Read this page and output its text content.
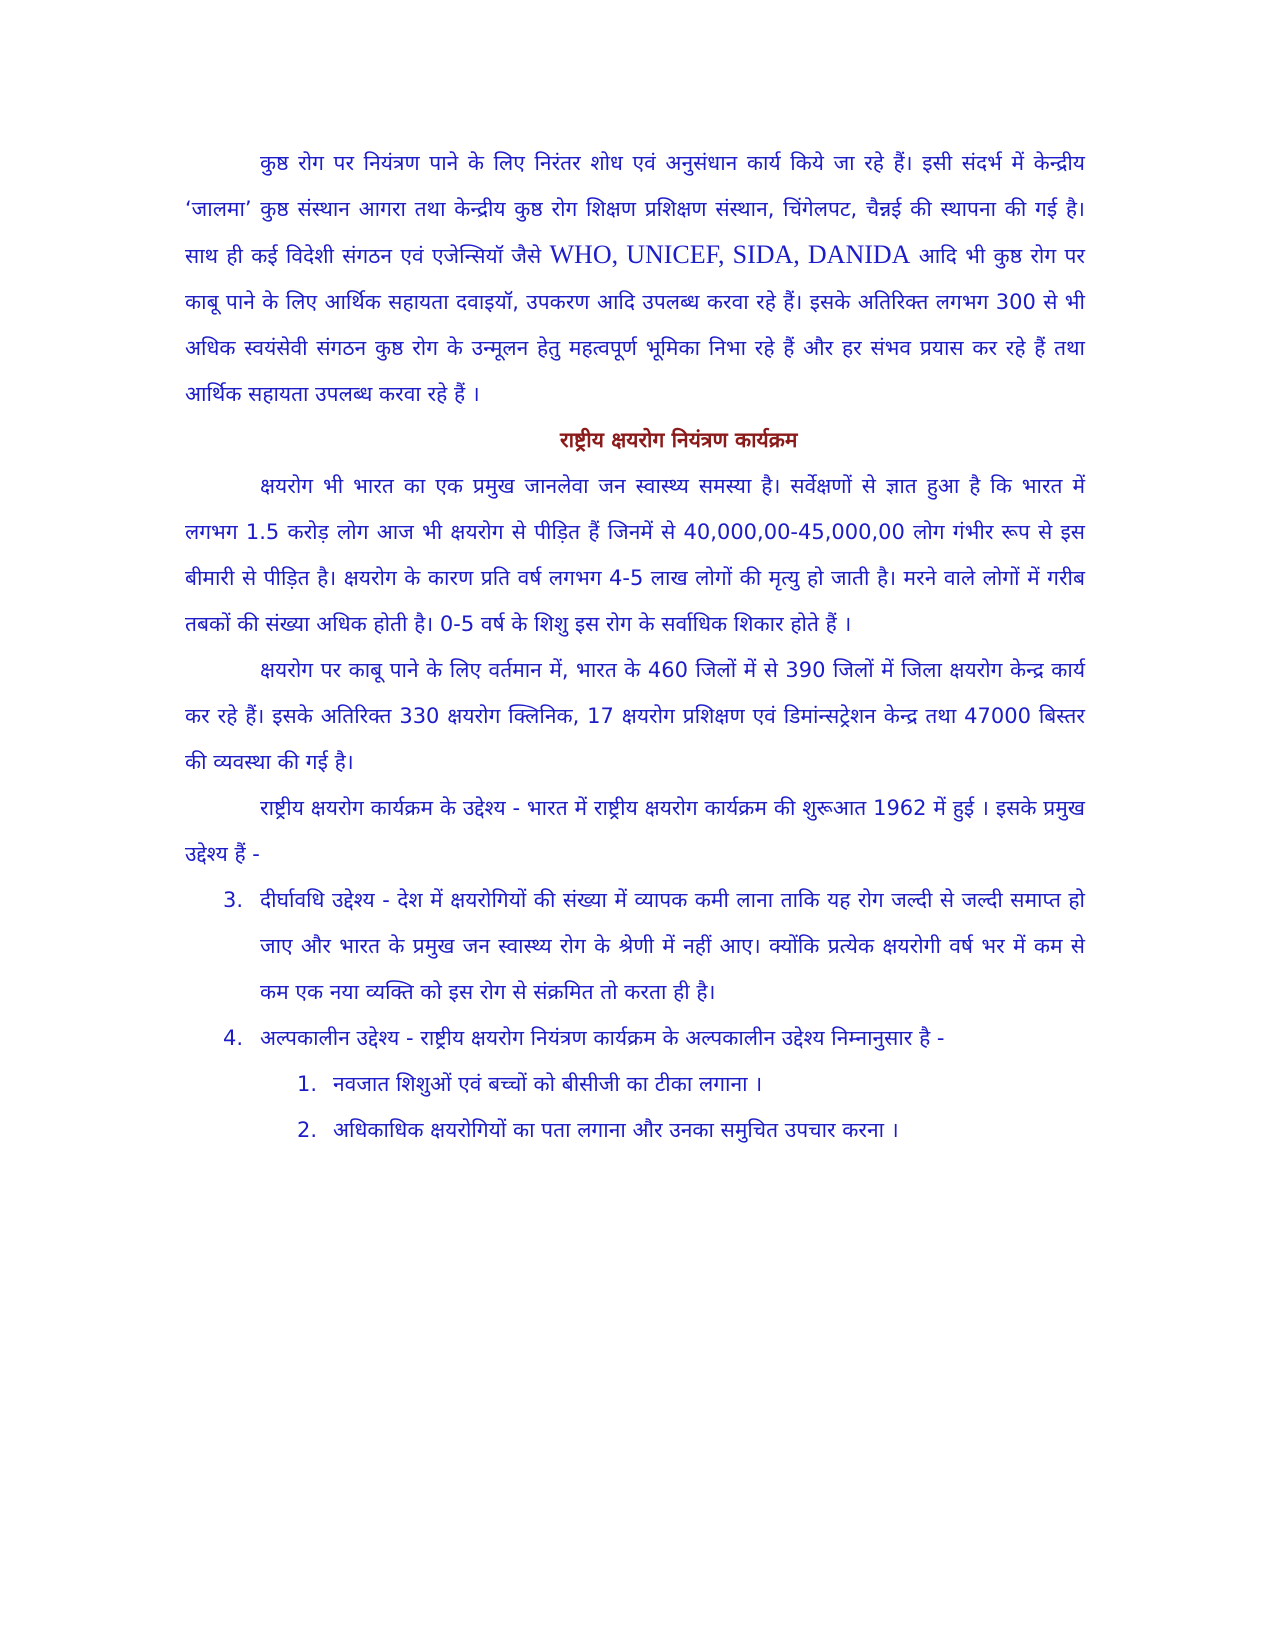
कुष्ठ रोग पर नियंत्रण पाने के लिए निरंतर शोध एवं अनुसंधान कार्य किये जा रहे हैं। इसी संदर्भ में केन्द्रीय ‘जालमा’ कुष्ठ संस्थान आगरा तथा केन्द्रीय कुष्ठ रोग शिक्षण प्रशिक्षण संस्थान, चिंगेलपट, चैन्नई की स्थापना की गई है। साथ ही कई विदेशी संगठन एवं एजेन्सियॉ जैसे WHO, UNICEF, SIDA, DANIDA आदि भी कुष्ठ रोग पर काबू पाने के लिए आर्थिक सहायता दवाइयॉ, उपकरण आदि उपलब्ध करवा रहे हैं। इसके अतिरिक्त लगभग 300 से भी अधिक स्वयंसेवी संगठन कुष्ठ रोग के उन्मूलन हेतु महत्वपूर्ण भूमिका निभा रहे हैं और हर संभव प्रयास कर रहे हैं तथा आर्थिक सहायता उपलब्ध करवा रहे हैं ।

राष्ट्रीय क्षयरोग नियंत्रण कार्यक्रम

क्षयरोग भी भारत का एक प्रमुख जानलेवा जन स्वास्थ्य समस्या है। सर्वेक्षणों से ज्ञात हुआ है कि भारत में लगभग 1.5 करोड़ लोग आज भी क्षयरोग से पीड़ित हैं जिनमें से 40,000,00-45,000,00 लोग गंभीर रूप से इस बीमारी से पीड़ित है। क्षयरोग के कारण प्रति वर्ष लगभग 4-5 लाख लोगों की मृत्यु हो जाती है। मरने वाले लोगों में गरीब तबकों की संख्या अधिक होती है। 0-5 वर्ष के शिशु इस रोग के सर्वाधिक शिकार होते हैं ।

क्षयरोग पर काबू पाने के लिए वर्तमान में, भारत के 460 जिलों में से 390 जिलों में जिला क्षयरोग केन्द्र कार्य कर रहे हैं। इसके अतिरिक्त 330 क्षयरोग क्लिनिक, 17 क्षयरोग प्रशिक्षण एवं डिमांन्सट्रेशन केन्द्र तथा 47000 बिस्तर की व्यवस्था की गई है।

राष्ट्रीय क्षयरोग कार्यक्रम के उद्देश्य - भारत में राष्ट्रीय क्षयरोग कार्यक्रम की शुरूआत 1962 में हुई । इसके प्रमुख उद्देश्य हैं -

3. दीर्घावधि उद्देश्य - देश में क्षयरोगियों की संख्या में व्यापक कमी लाना ताकि यह रोग जल्दी से जल्दी समाप्त हो जाए और भारत के प्रमुख जन स्वास्थ्य रोग के श्रेणी में नहीं आए। क्योंकि प्रत्येक क्षयरोगी वर्ष भर में कम से कम एक नया व्यक्ति को इस रोग से संक्रमित तो करता ही है।
4. अल्पकालीन उद्देश्य - राष्ट्रीय क्षयरोग नियंत्रण कार्यक्रम के अल्पकालीन उद्देश्य निम्नानुसार है -
1. नवजात शिशुओं एवं बच्चों को बीसीजी का टीका लगाना ।
2. अधिकाधिक क्षयरोगियों का पता लगाना और उनका समुचित उपचार करना ।
